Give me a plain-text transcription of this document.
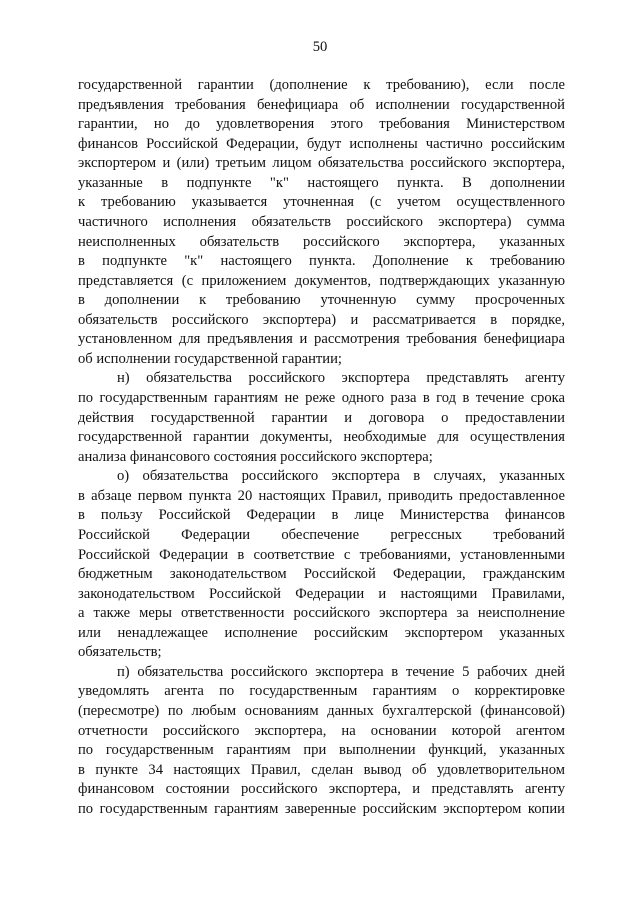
50
государственной гарантии (дополнение к требованию), если после
предъявления требования бенефициара об исполнении государственной
гарантии, но до удовлетворения этого требования Министерством
финансов Российской Федерации, будут исполнены частично российским
экспортером и (или) третьим лицом обязательства российского экспортера,
указанные в подпункте "к" настоящего пункта. В дополнении
к требованию указывается уточненная (с учетом осуществленного
частичного исполнения обязательств российского экспортера) сумма
неисполненных обязательств российского экспортера, указанных
в подпункте "к" настоящего пункта. Дополнение к требованию
представляется (с приложением документов, подтверждающих указанную
в дополнении к требованию уточненную сумму просроченных
обязательств российского экспортера) и рассматривается в порядке,
установленном для предъявления и рассмотрения требования бенефициара
об исполнении государственной гарантии;
н) обязательства российского экспортера представлять агенту
по государственным гарантиям не реже одного раза в год в течение срока
действия государственной гарантии и договора о предоставлении
государственной гарантии документы, необходимые для осуществления
анализа финансового состояния российского экспортера;
о) обязательства российского экспортера в случаях, указанных
в абзаце первом пункта 20 настоящих Правил, приводить предоставленное
в пользу Российской Федерации в лице Министерства финансов
Российской Федерации обеспечение регрессных требований
Российской Федерации в соответствие с требованиями, установленными
бюджетным законодательством Российской Федерации, гражданским
законодательством Российской Федерации и настоящими Правилами,
а также меры ответственности российского экспортера за неисполнение
или ненадлежащее исполнение российским экспортером указанных
обязательств;
п) обязательства российского экспортера в течение 5 рабочих дней
уведомлять агента по государственным гарантиям о корректировке
(пересмотре) по любым основаниям данных бухгалтерской (финансовой)
отчетности российского экспортера, на основании которой агентом
по государственным гарантиям при выполнении функций, указанных
в пункте 34 настоящих Правил, сделан вывод об удовлетворительном
финансовом состоянии российского экспортера, и представлять агенту
по государственным гарантиям заверенные российским экспортером копии
